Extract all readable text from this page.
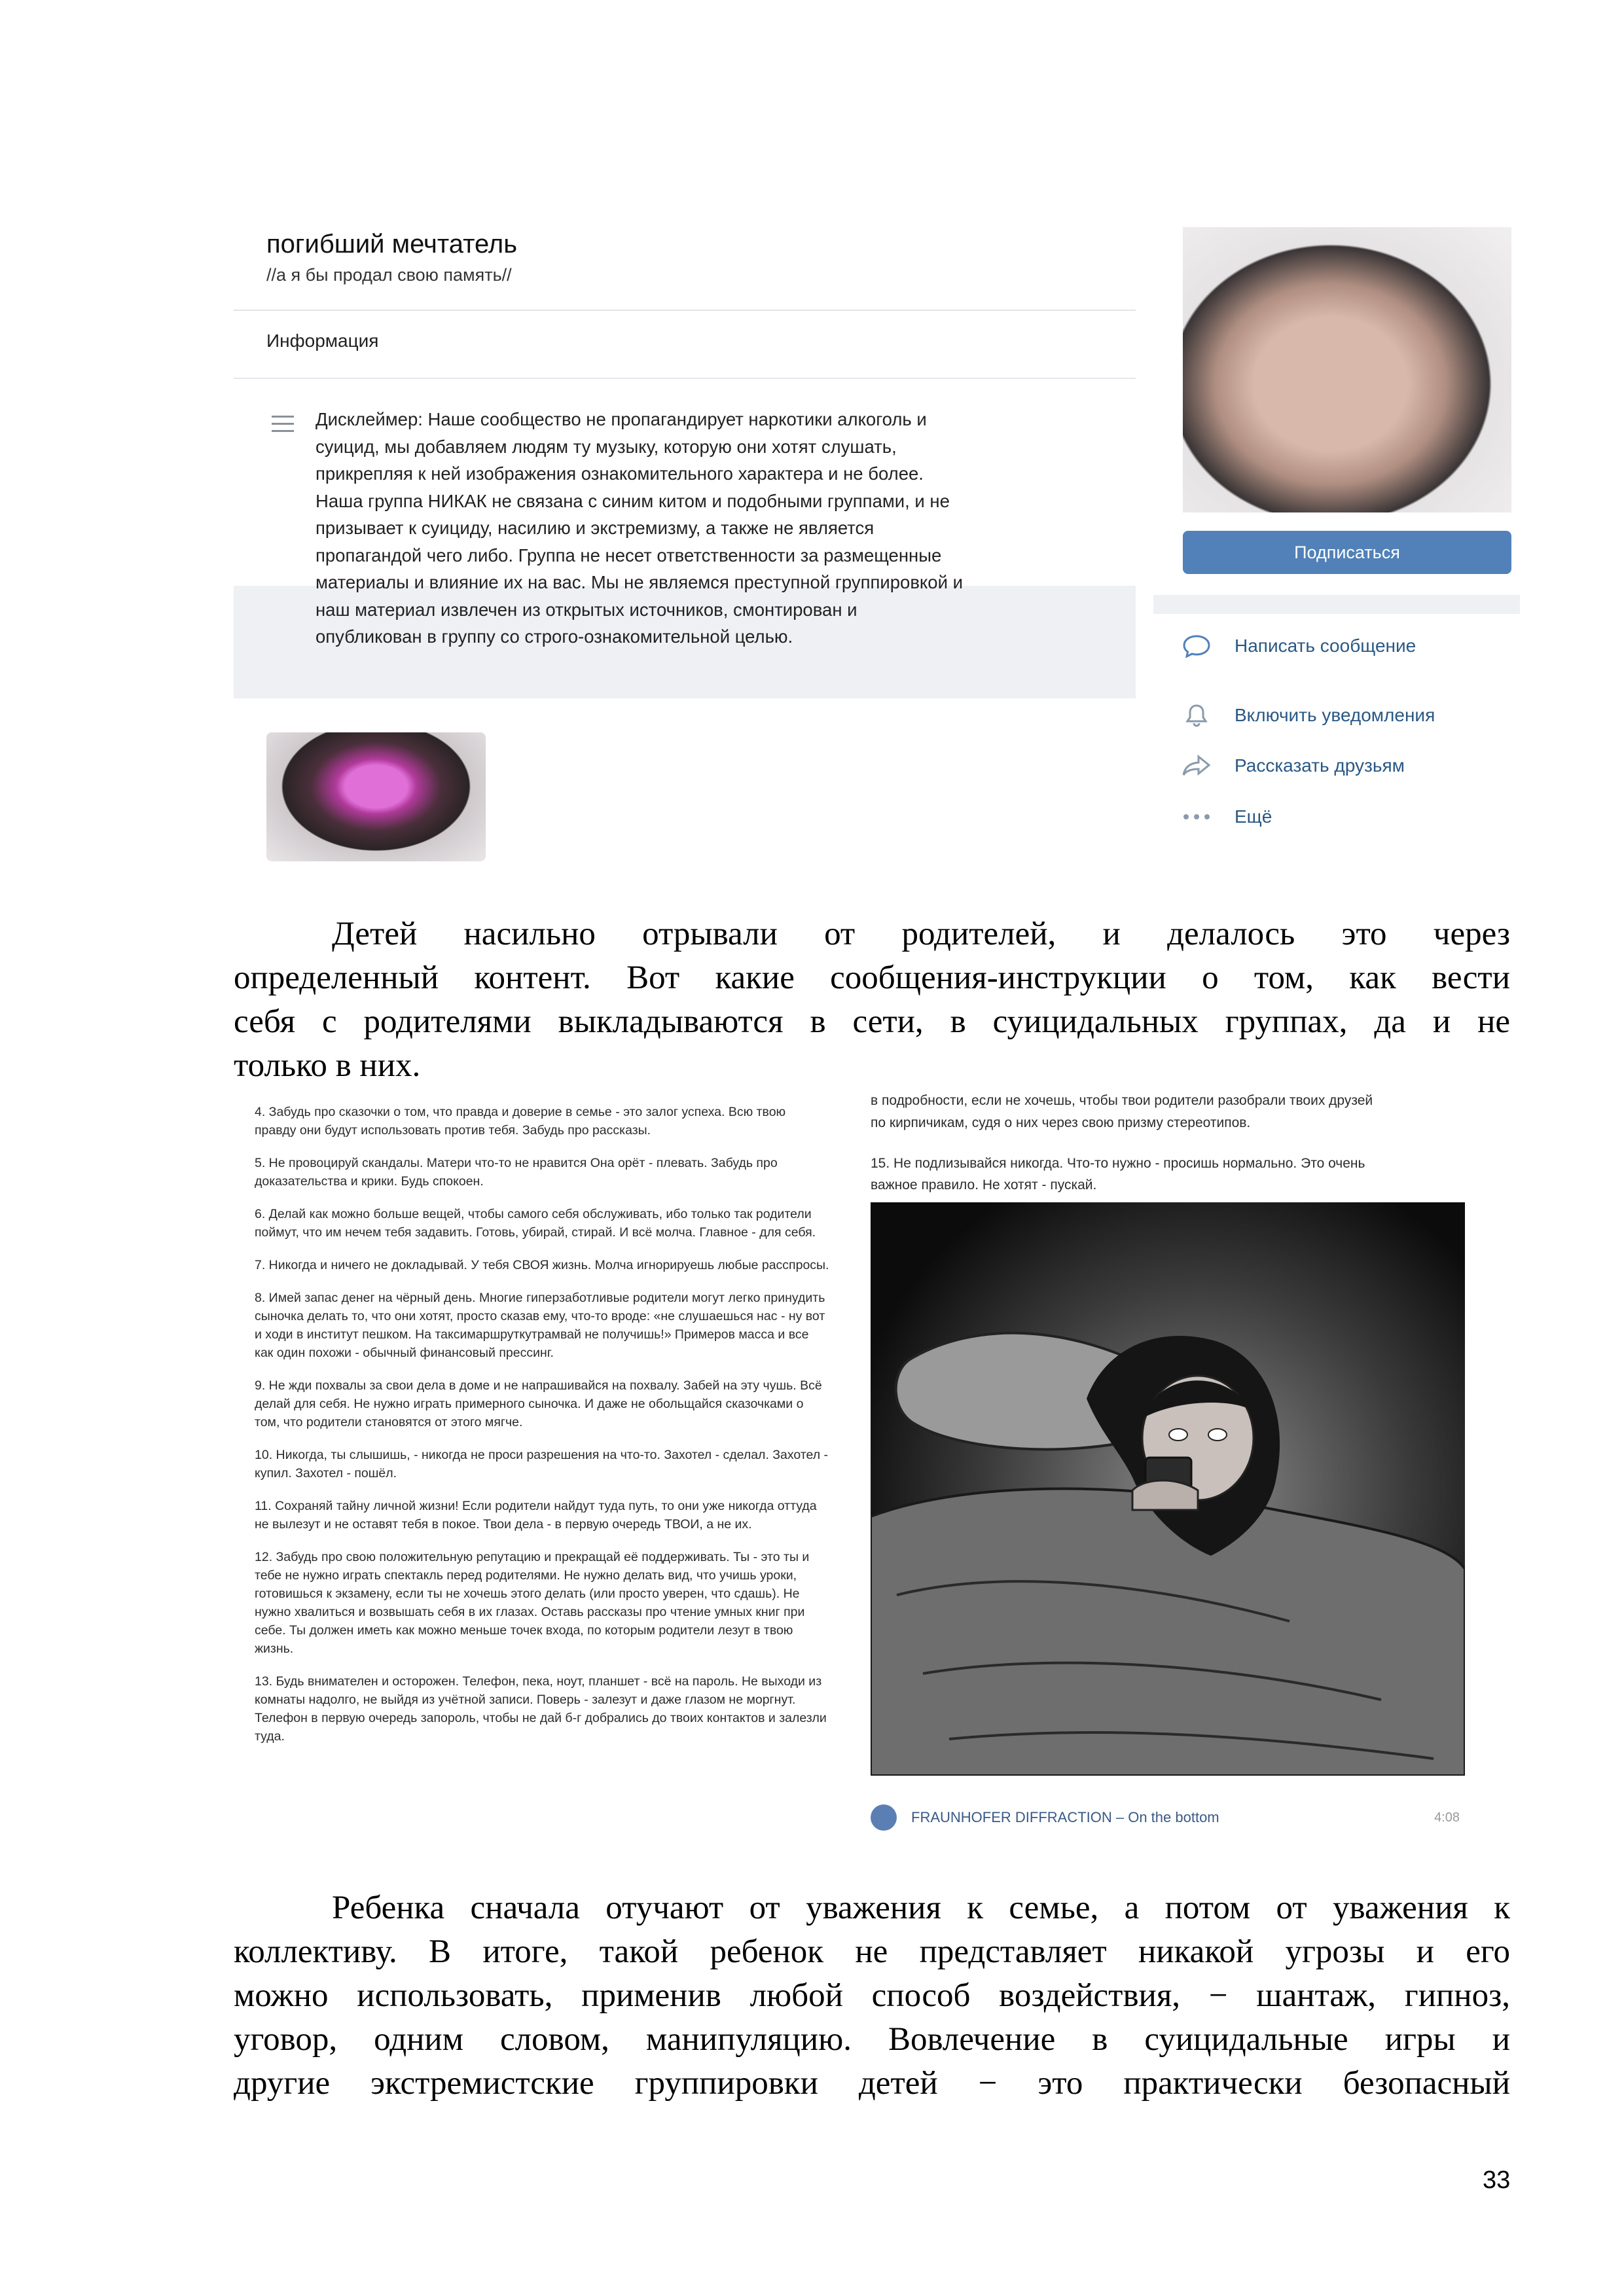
погибший мечтатель
//а я бы продал свою память//
Информация
Дисклеймер: Наше сообщество не пропагандирует наркотики алкоголь и
суицид, мы добавляем людям ту музыку, которую они хотят слушать,
прикрепляя к ней изображения ознакомительного характера и не более.
Наша группа НИКАК не связана с синим китом и подобными группами, и не
призывает к суициду, насилию и экстремизму, а также не является
пропагандой чего либо. Группа не несет ответственности за размещенные
материалы и влияние их на вас. Мы не являемся преступной группировкой и
наш материал извлечен из открытых источников, смонтирован и
опубликован в группу со строго-ознакомительной целью.
Подписаться
Написать сообщение
Включить уведомления
Рассказать друзьям
Ещё
Детей насильно отрывали от родителей, и делалось это через
определенный контент. Вот какие сообщения-инструкции о том, как вести
себя с родителями выкладываются в сети, в суицидальных группах, да и не
только в них.

4. Забудь про сказочки о том, что правда и доверие в семье - это залог успеха. Всю твою правду они будут использовать против тебя. Забудь про рассказы.

5. Не провоцируй скандалы. Матери что-то не нравится Она орёт - плевать. Забудь про доказательства и крики. Будь спокоен.

6. Делай как можно больше вещей, чтобы самого себя обслуживать, ибо только так родители поймут, что им нечем тебя задавить. Готовь, убирай, стирай. И всё молча. Главное - для себя.

7. Никогда и ничего не докладывай. У тебя СВОЯ жизнь. Молча игнорируешь любые расспросы.

8. Имей запас денег на чёрный день. Многие гиперзаботливые родители могут легко принудить сыночка делать то, что они хотят, просто сказав ему, что-то вроде: «не слушаешься нас - ну вот и ходи в институт пешком. На таксимаршруткутрамвай не получишь!» Примеров масса и все как один похожи - обычный финансовый прессинг.

9. Не жди похвалы за свои дела в доме и не напрашивайся на похвалу. Забей на эту чушь. Всё делай для себя. Не нужно играть примерного сыночка. И даже не обольщайся сказочками о том, что родители становятся от этого мягче.

10. Никогда, ты слышишь, - никогда не проси разрешения на что-то. Захотел - сделал. Захотел - купил. Захотел - пошёл.

11. Сохраняй тайну личной жизни! Если родители найдут туда путь, то они уже никогда оттуда не вылезут и не оставят тебя в покое. Твои дела - в первую очередь ТВОИ, а не их.

12. Забудь про свою положительную репутацию и прекращай её поддерживать. Ты - это ты и тебе не нужно играть спектакль перед родителями. Не нужно делать вид, что учишь уроки, готовишься к экзамену, если ты не хочешь этого делать (или просто уверен, что сдашь). Не нужно хвалиться и возвышать себя в их глазах. Оставь рассказы про чтение умных книг при себе. Ты должен иметь как можно меньше точек входа, по которым родители лезут в твою жизнь.

13. Будь внимателен и осторожен. Телефон, пека, ноут, планшет - всё на пароль. Не выходи из комнаты надолго, не выйдя из учётной записи. Поверь - залезут и даже глазом не моргнут. Телефон в первую очередь запороль, чтобы не дай б-г добрались до твоих контактов и залезли туда.

в подробности, если не хочешь, чтобы твои родители разобрали твоих друзей

по кирпичикам, судя о них через свою призму стереотипов.

15. Не подлизывайся никогда. Что-то нужно - просишь нормально. Это очень

важное правило. Не хотят - пускай.

FRAUNHOFER DIFFRACTION – On the bottom	4:08
Ребенка сначала отучают от уважения к семье, а потом от уважения к
коллективу. В итоге, такой ребенок не представляет никакой угрозы и его
можно использовать, применив любой способ воздействия, − шантаж, гипноз,
уговор, одним словом, манипуляцию. Вовлечение в суицидальные игры и
другие экстремистские группировки детей − это практически безопасный
33
